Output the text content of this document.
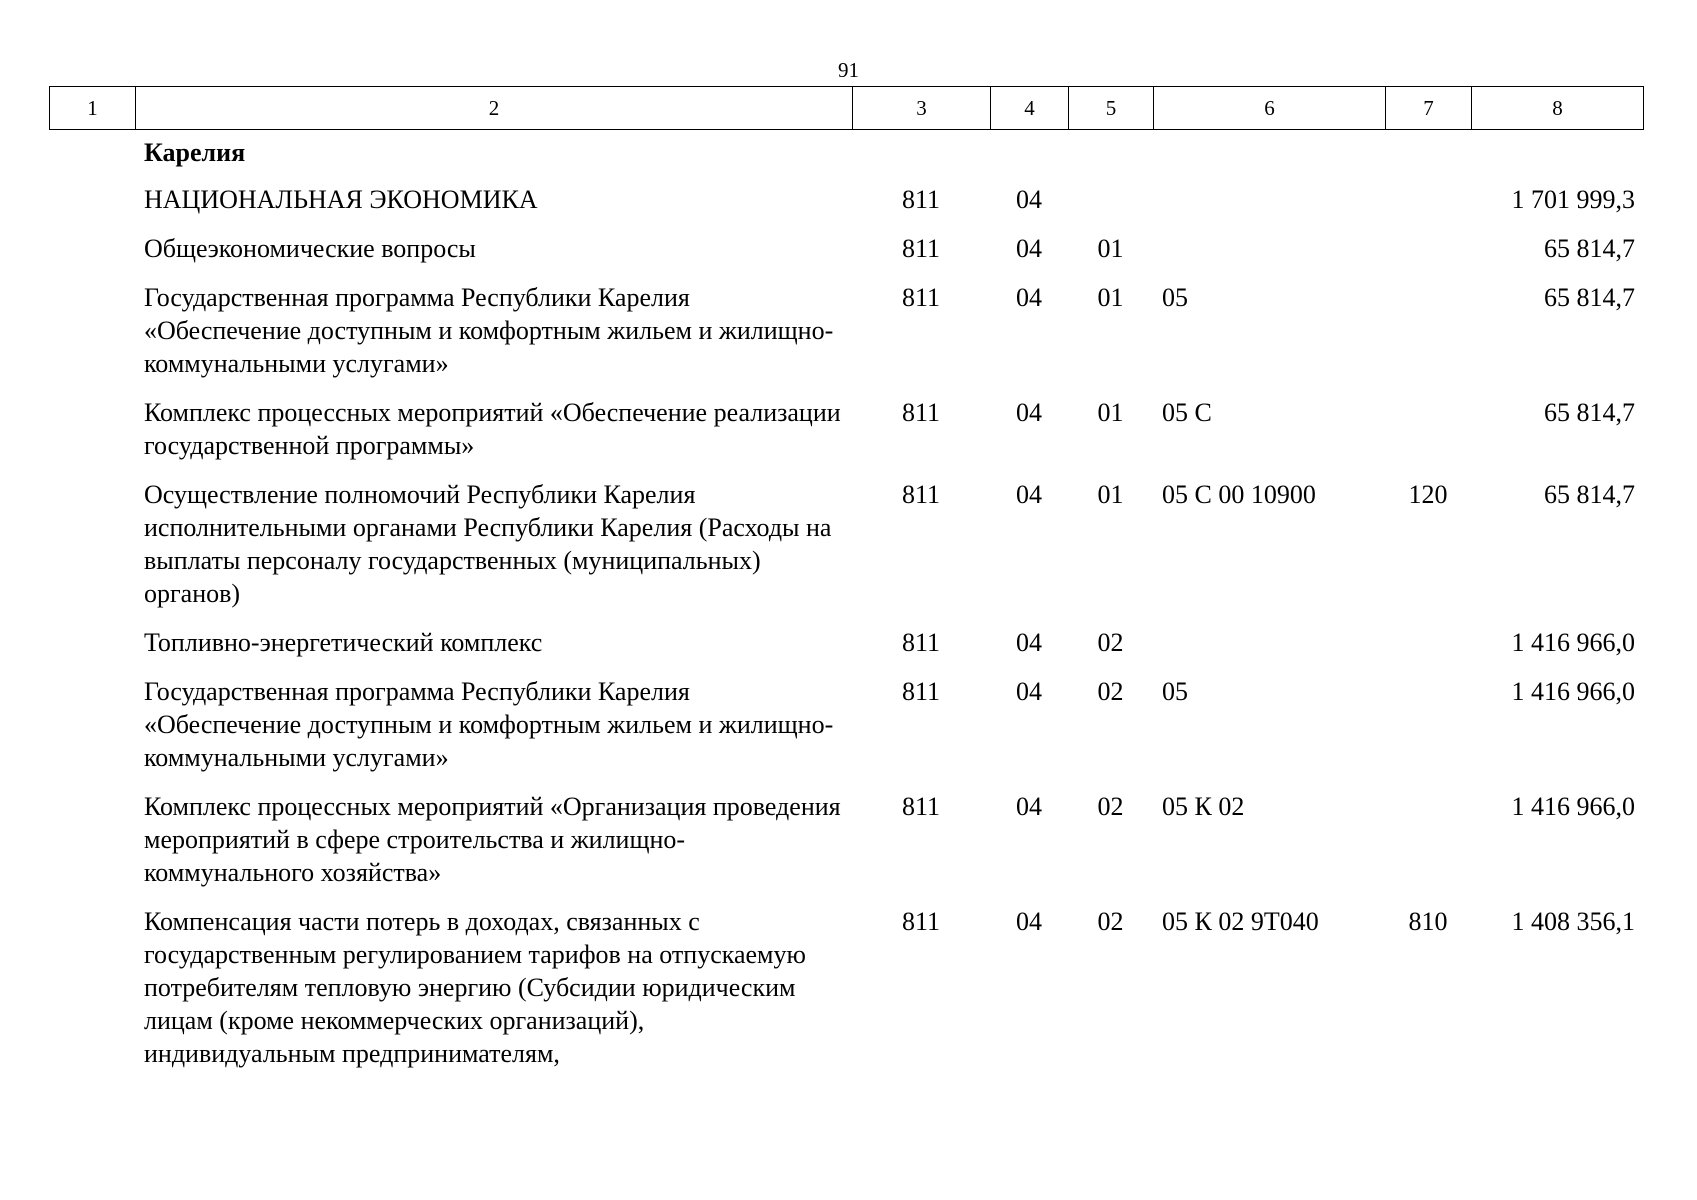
91
1	2	3	4	5	6	7	8
Карелия						
НАЦИОНАЛЬНАЯ ЭКОНОМИКА	811	04				1 701 999,3
Общеэкономические вопросы	811	04	01			65 814,7
Государственная программа Республики Карелия «Обеспечение доступным и комфортным жильем и жилищно-коммунальными услугами»	811	04	01	05		65 814,7
Комплекс процессных мероприятий «Обеспечение реализации государственной программы»	811	04	01	05 С		65 814,7
Осуществление полномочий Республики Карелия исполнительными органами Республики Карелия (Расходы на выплаты персоналу государственных (муниципальных) органов)	811	04	01	05 С 00 10900	120	65 814,7
Топливно-энергетический комплекс	811	04	02			1 416 966,0
Государственная программа Республики Карелия «Обеспечение доступным и комфортным жильем и жилищно-коммунальными услугами»	811	04	02	05		1 416 966,0
Комплекс процессных мероприятий «Организация проведения мероприятий в сфере строительства и жилищно-коммунального хозяйства»	811	04	02	05 К 02		1 416 966,0
Компенсация части потерь в доходах, связанных с государственным регулированием тарифов на отпускаемую потребителям тепловую энергию (Субсидии юридическим лицам (кроме некоммерческих организаций), индивидуальным предпринимателям,	811	04	02	05 К 02 9Т040	810	1 408 356,1
